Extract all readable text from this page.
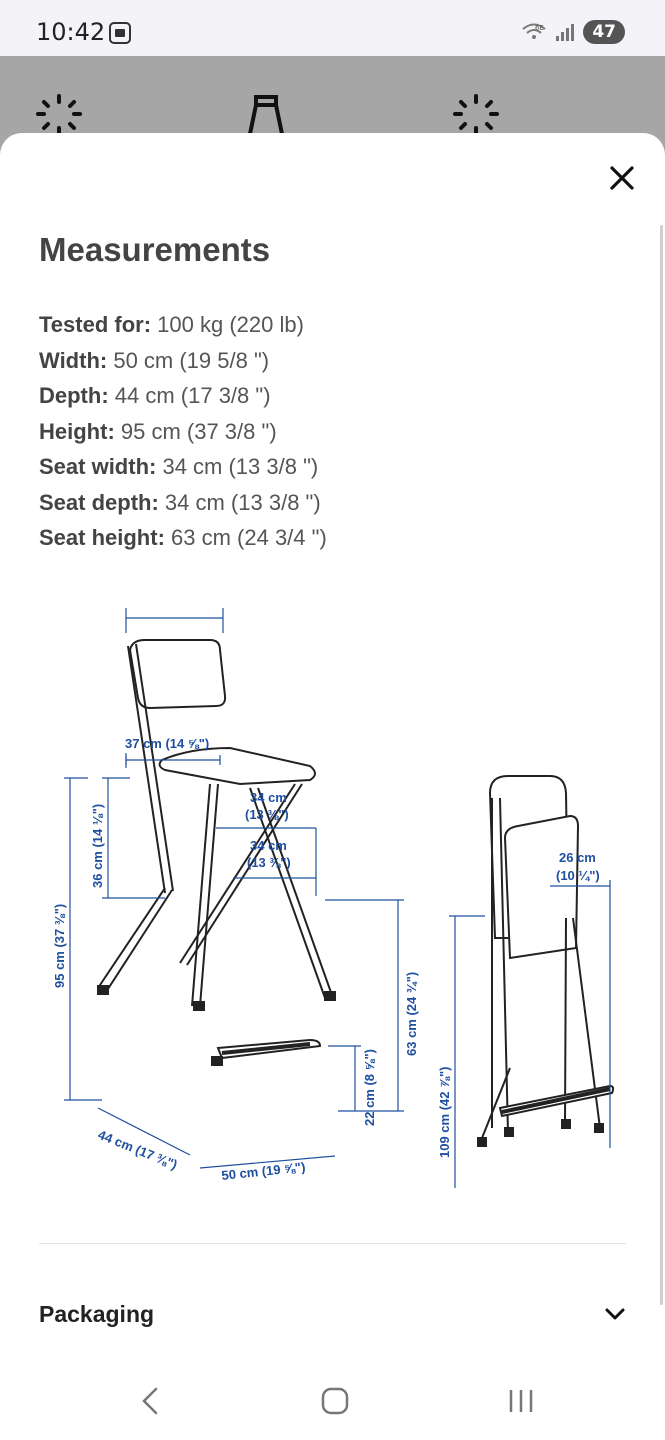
10:42	6E	47
Measurements
Tested for: 100 kg (220 lb)
Width: 50 cm (19 5/8 ")
Depth: 44 cm (17 3/8 ")
Height: 95 cm (37 3/8 ")
Seat width: 34 cm (13 3/8 ")
Seat depth: 34 cm (13 3/8 ")
Seat height: 63 cm (24 3/4 ")
37 cm (14 ⅝")
34 cm
(13 ⅜")
34 cm
(13 ⅜")
36 cm (14 ⅛")
95 cm (37 ⅜")
63 cm (24 ¾")
22 cm (8 ⅝")
44 cm (17 ⅜")	50 cm (19 ⅝")
26 cm
(10 ¼")
109 cm (42 ⅞")
Packaging
